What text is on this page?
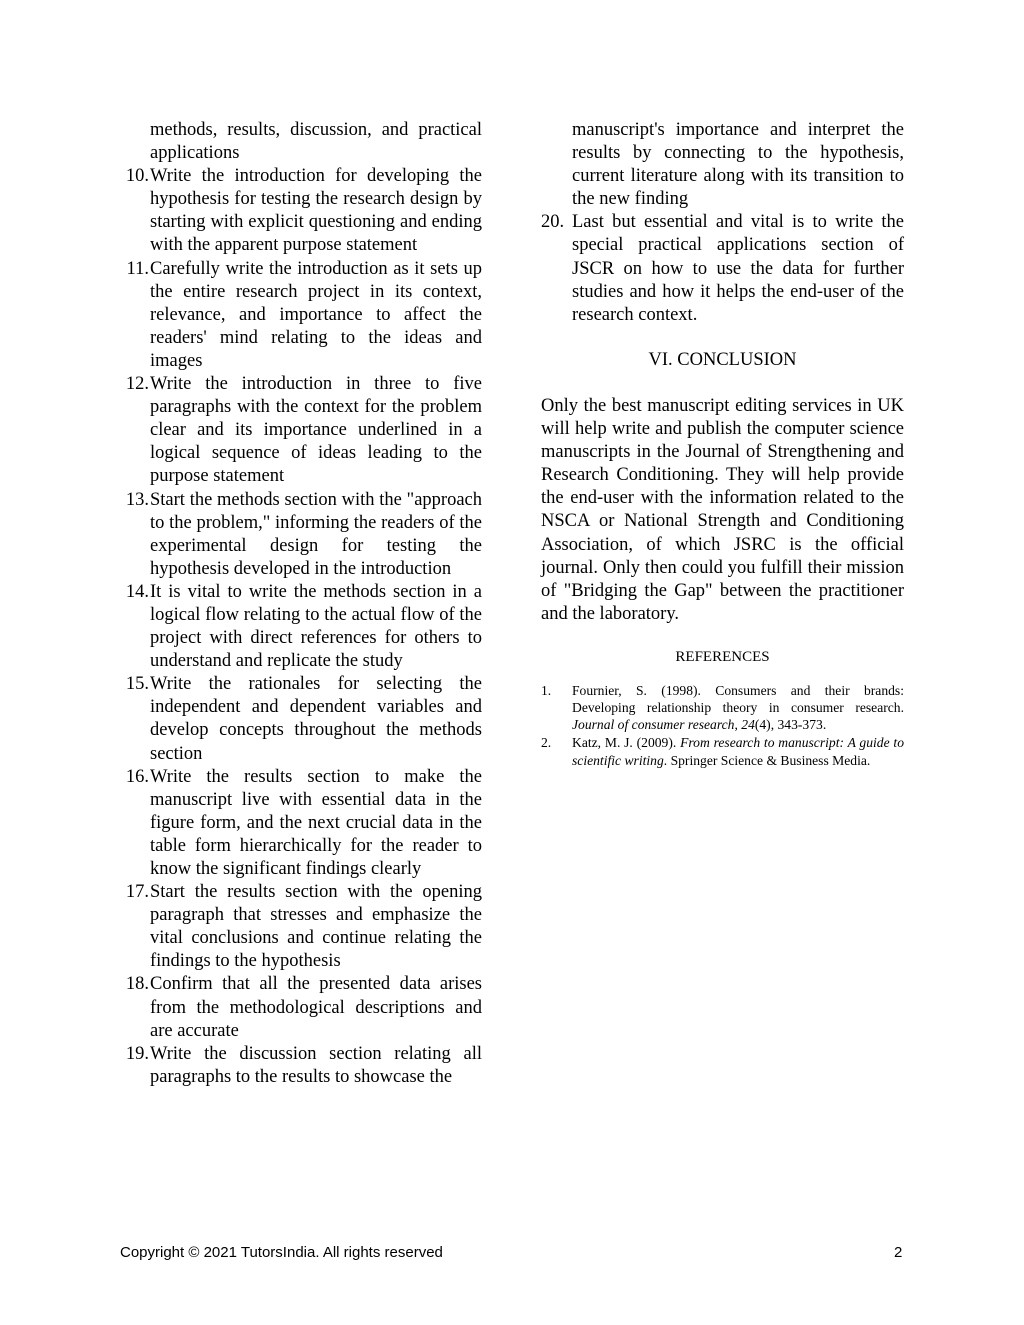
methods, results, discussion, and practical applications
10. Write the introduction for developing the hypothesis for testing the research design by starting with explicit questioning and ending with the apparent purpose statement
11. Carefully write the introduction as it sets up the entire research project in its context, relevance, and importance to affect the readers' mind relating to the ideas and images
12. Write the introduction in three to five paragraphs with the context for the problem clear and its importance underlined in a logical sequence of ideas leading to the purpose statement
13. Start the methods section with the "approach to the problem," informing the readers of the experimental design for testing the hypothesis developed in the introduction
14. It is vital to write the methods section in a logical flow relating to the actual flow of the project with direct references for others to understand and replicate the study
15. Write the rationales for selecting the independent and dependent variables and develop concepts throughout the methods section
16. Write the results section to make the manuscript live with essential data in the figure form, and the next crucial data in the table form hierarchically for the reader to know the significant findings clearly
17. Start the results section with the opening paragraph that stresses and emphasize the vital conclusions and continue relating the findings to the hypothesis
18. Confirm that all the presented data arises from the methodological descriptions and are accurate
19. Write the discussion section relating all paragraphs to the results to showcase the
manuscript's importance and interpret the results by connecting to the hypothesis, current literature along with its transition to the new finding
20. Last but essential and vital is to write the special practical applications section of JSCR on how to use the data for further studies and how it helps the end-user of the research context.
VI. CONCLUSION

Only the best manuscript editing services in UK will help write and publish the computer science manuscripts in the Journal of Strengthening and Research Conditioning. They will help provide the end-user with the information related to the NSCA or National Strength and Conditioning Association, of which JSRC is the official journal. Only then could you fulfill their mission of "Bridging the Gap" between the practitioner and the laboratory.

REFERENCES
1.	Fournier, S. (1998). Consumers and their brands: Developing relationship theory in consumer research. Journal of consumer research, 24(4), 343-373.
2.	Katz, M. J. (2009). From research to manuscript: A guide to scientific writing. Springer Science & Business Media.
Copyright © 2021 TutorsIndia. All rights reserved	2
